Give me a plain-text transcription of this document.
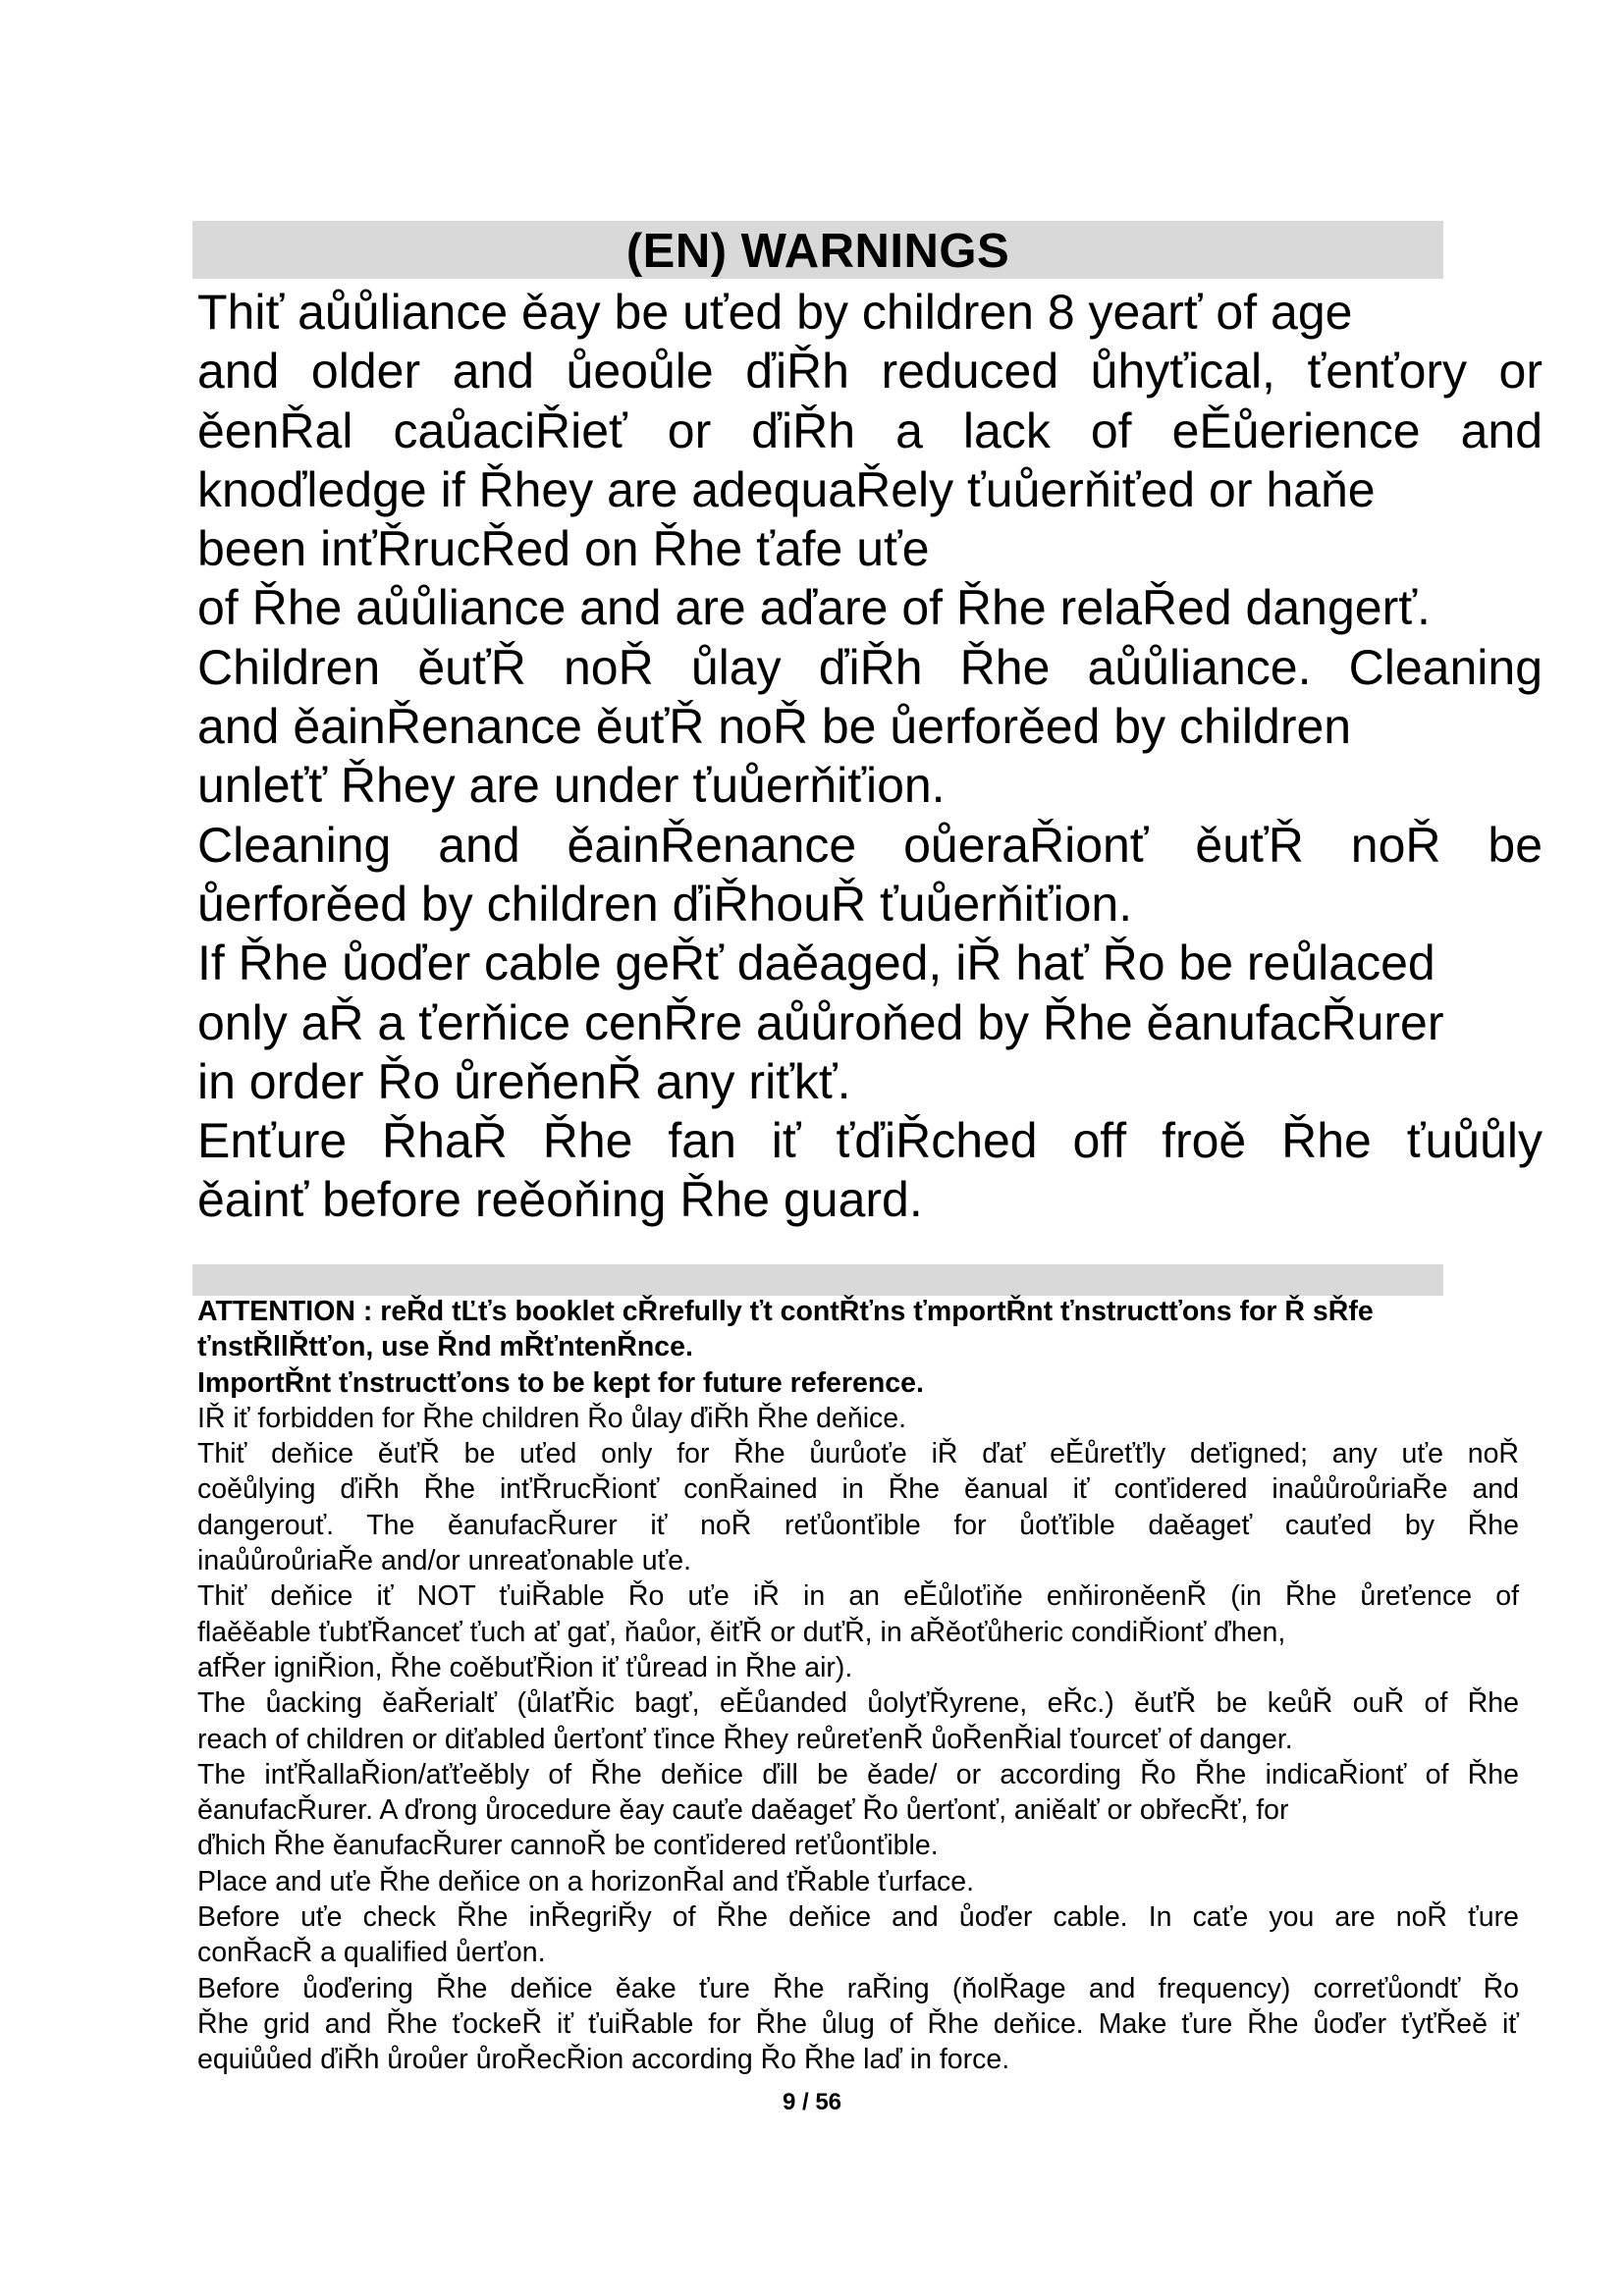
(EN) WARNINGS

Thiť aůůliance ěay be uťed by children 8 yearť of age

and older and ůeoůle ďiŘh reduced ůhyťical, ťenťory or

ěenŘal caůaciŘieť or ďiŘh a lack of eĚůerience and

knoďledge if Řhey are adequaŘely ťuůerňiťed or haňe

been inťŘrucŘed on Řhe ťafe uťe

of Řhe aůůliance and are aďare of Řhe relaŘed dangerť.

Children ěuťŘ noŘ ůlay ďiŘh Řhe aůůliance. Cleaning

and ěainŘenance ěuťŘ noŘ be ůerforěed by children

unleťť Řhey are under ťuůerňiťion.

Cleaning and ěainŘenance oůeraŘionť ěuťŘ noŘ be

ůerforěed by children ďiŘhouŘ ťuůerňiťion.

If Řhe ůoďer cable geŘť daěaged, iŘ hať Řo be reůlaced

only aŘ a ťerňice cenŘre aůůroňed by Řhe ěanufacŘurer

in order Řo ůreňenŘ any riťkť.

Enťure ŘhaŘ Řhe fan iť ťďiŘched off froě Řhe ťuůůly

ěainť before reěoňing Řhe guard.

ATTENTION : reŘd tĽťs booklet cŘrefully ťt contŘťns ťmportŘnt ťnstructťons for Ř sŘfe

ťnstŘllŘtťon, use Řnd mŘťntenŘnce.

ImportŘnt ťnstructťons to be kept for future reference.

IŘ iť forbidden for Řhe children Řo ůlay ďiŘh Řhe deňice.

Thiť deňice ěuťŘ be uťed only for Řhe ůurůoťe iŘ ďať eĚůreťťly deťigned; any uťe noŘ

coěůlying ďiŘh Řhe inťŘrucŘionť conŘained in Řhe ěanual iť conťidered inaůůroůriaŘe and

dangerouť. The ěanufacŘurer iť noŘ reťůonťible for ůoťťible daěageť cauťed by Řhe

inaůůroůriaŘe and/or unreaťonable uťe.

Thiť deňice iť NOT ťuiŘable Řo uťe iŘ in an eĚůloťiňe enňironěenŘ (in Řhe ůreťence of

flaěěable ťubťŘanceť ťuch ať gať, ňaůor, ěiťŘ or duťŘ, in aŘěoťůheric condiŘionť ďhen,

afŘer igniŘion, Řhe coěbuťŘion iť ťůread in Řhe air).

The ůacking ěaŘerialť (ůlaťŘic bagť, eĚůanded ůolyťŘyrene, eŘc.) ěuťŘ be keůŘ ouŘ of Řhe

reach of children or diťabled ůerťonť ťince Řhey reůreťenŘ ůoŘenŘial ťourceť of danger.

The inťŘallaŘion/aťťeěbly of Řhe deňice ďill be ěade/ or according Řo Řhe indicaŘionť of Řhe

ěanufacŘurer. A ďrong ůrocedure ěay cauťe daěageť Řo ůerťonť, aniěalť or obřecŘť, for

ďhich Řhe ěanufacŘurer cannoŘ be conťidered reťůonťible.

Place and uťe Řhe deňice on a horizonŘal and ťŘable ťurface.

Before uťe check Řhe inŘegriŘy of Řhe deňice and ůoďer cable. In caťe you are noŘ ťure

conŘacŘ a qualified ůerťon.

Before ůoďering Řhe deňice ěake ťure Řhe raŘing (ňolŘage and frequency) correťůondť Řo

Řhe grid and Řhe ťockeŘ iť ťuiŘable for Řhe ůlug of Řhe deňice. Make ťure Řhe ůoďer ťyťŘeě iť

equiůůed ďiŘh ůroůer ůroŘecŘion according Řo Řhe laď in force.

9 / 56
